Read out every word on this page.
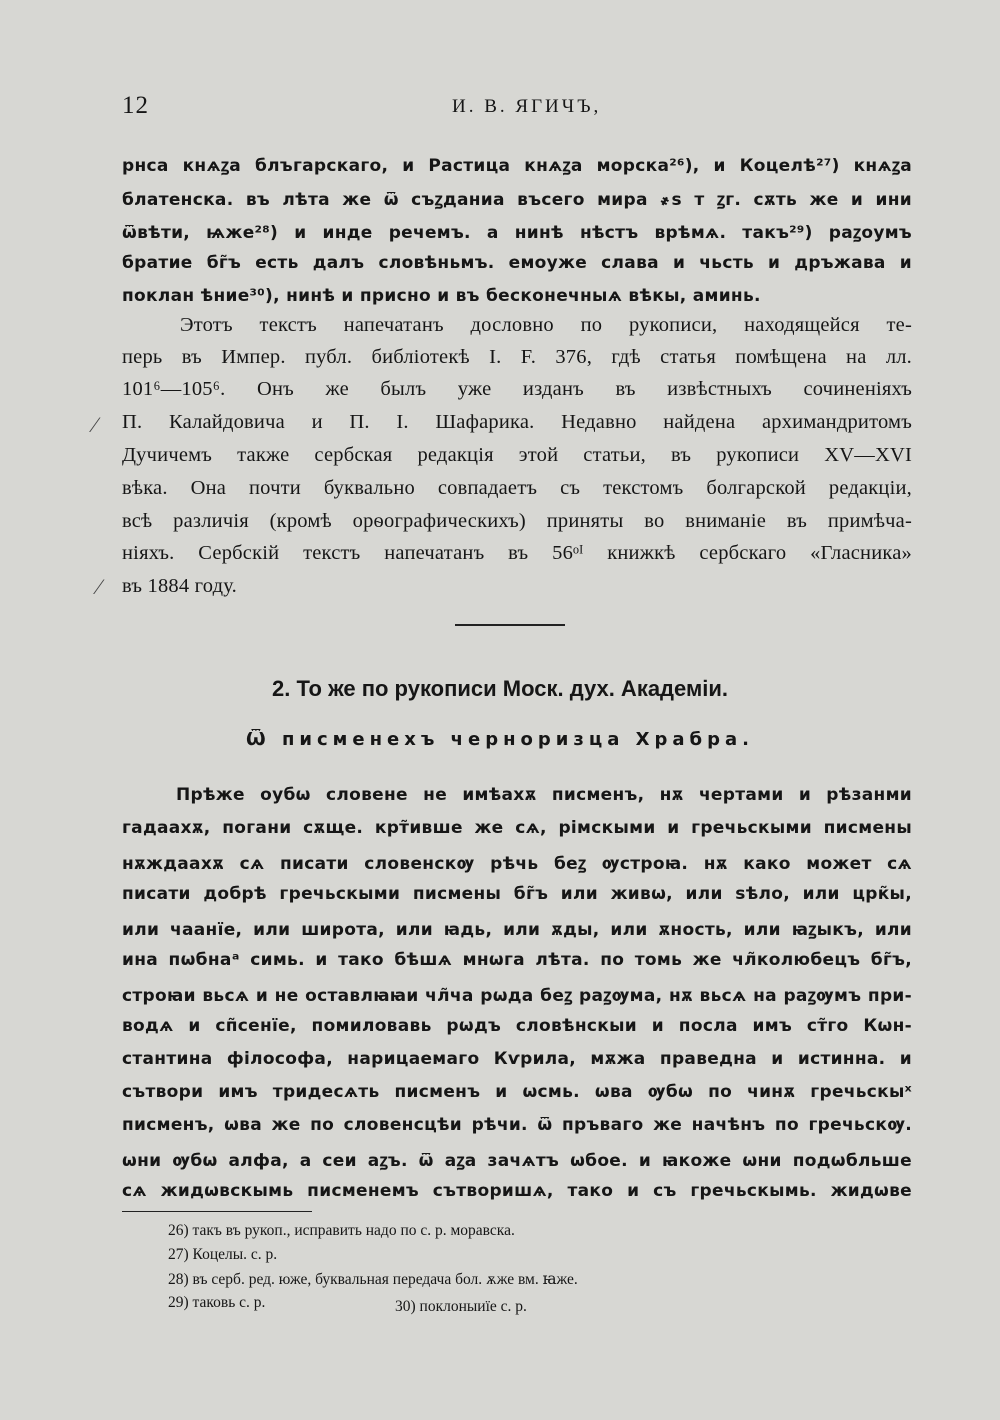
12	И. В. ЯГИЧЪ,
рнса кнѧꙁа блъгарскаго, и Растица кнѧꙁа морска²⁶), и Коцелѣ²⁷) кнѧꙁа
блатенска. въ лѣта же ѿ съꙁданиа въсего мира ҂ѕ т ꙁг. сѫть же и ини
ѿвѣти, ѩже²⁸) и инде речемъ. а нинѣ нѣстъ врѣмѧ. такъ²⁹) раꙁоумъ
братие бг̃ъ есть далъ словѣньмъ. емоуже слава и чьсть и дръжава и
поклан ѣние³⁰), нинѣ и присно и въ бесконечныѧ вѣкы, аминь.
Этотъ текстъ напечатанъ дословно по рукописи, находящейся те-
перь въ Импер. публ. библіотекѣ I. F. 376, гдѣ статья помѣщена на лл.
101⁶—105⁶. Онъ же былъ уже изданъ въ извѣстныхъ сочиненіяхъ
П. Калайдовича и П. I. Шафарика. Недавно найдена архимандритомъ
Дучичемъ также сербская редакція этой статьи, въ рукописи XV—XVI
вѣка. Она почти буквально совпадаетъ съ текстомъ болгарской редакціи,
всѣ различія (кромѣ орѳографическихъ) приняты во вниманіе въ примѣча-
ніяхъ. Сербскій текстъ напечатанъ въ 56ᵒᴵ книжкѣ сербскаго «Гласника»
въ 1884 году.
⁄
⁄
2. То же по рукописи Моск. дух. Академіи.
Ѿ писменехъ черноризца Храбра.
Прѣже оубѡ словене не имѣахѫ писменъ, нѫ чертами и рѣзанми
гадаахѫ, погани сѫще. крт̃ивше же сѧ, рiмскыми и гречьскыми писмены
нѫждаахѫ сѧ писати словенскѹ рѣчь беꙁ ѹстроꙗ. нѫ како может сѧ
писати добрѣ гречьскыми писмены бг̃ъ или живѡ, или ѕѣло, или црк̃ы,
или чаанїе, или широта, или ꙗдь, или ѫды, или ѫность, или ꙗꙁыкъ, или
ина пѡбнаᵃ симь. и тако бѣшѧ мнѡга лѣта. по томь же чл̃колюбецъ бг̃ъ,
строꙗи вьсѧ и не оставлꙗꙗи чл̃ча рѡда беꙁ раꙁѹма, нѫ вьсѧ на раꙁѹмъ при-
водѧ и сп̃сенїе, помиловавь рѡдъ словѣнскыи и посла имъ ст̃го Кѡн-
стантина фiлософа, нарицаемаго Кѵрила, мѫжа праведна и истинна. и
сътвори имъ тридесѧть писменъ и ѡсмь. ѡва ѹбѡ по чинѫ гречьскыˣ
писменъ, ѡва же по словенсцѣи рѣчи. ѿ пръваго же начѣнъ по гречьскѹ.
ѡни ѹбѡ алфа, а сеи аꙁъ. ѿ аꙁа зачѧтъ ѡбое. и ꙗкоже ѡни подѡбльше
сѧ жидѡвскымь писменемъ сътворишѧ, тако и съ гречьскымь. жидѡве
26) такъ въ рукоп., исправить надо по с. р. моравска.
27) Коцелы. с. р.
28) въ серб. ред. юже, буквальная передача бол. ѫже вм. ꙗже.
29) таковь с. р.	30) поклоныиїе с. р.
